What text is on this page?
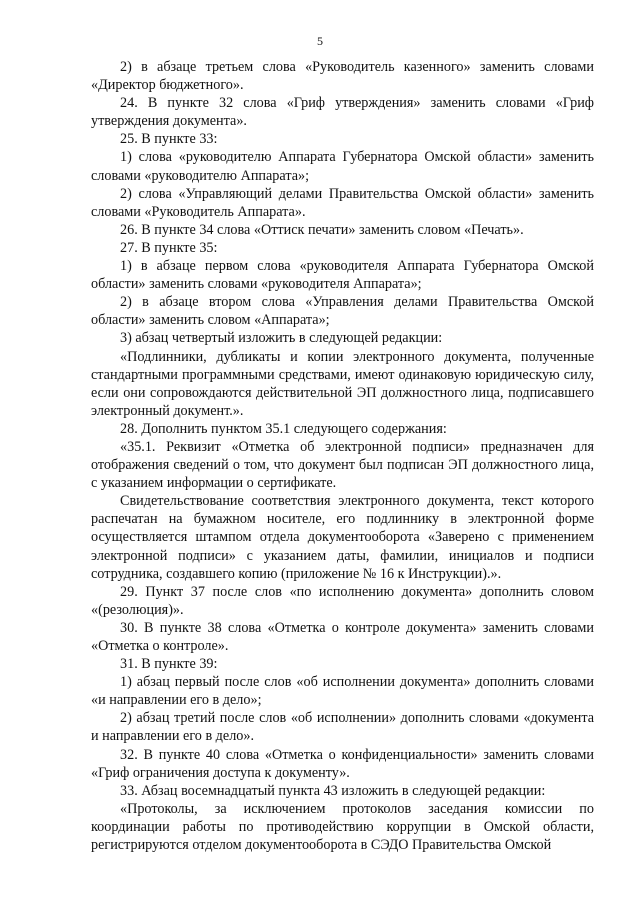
5

2) в абзаце третьем слова «Руководитель казенного» заменить словами «Директор бюджетного».

24. В пункте 32 слова «Гриф утверждения» заменить словами «Гриф утверждения документа».

25. В пункте 33:

1) слова «руководителю Аппарата Губернатора Омской области» заменить словами «руководителю Аппарата»;

2) слова «Управляющий делами Правительства Омской области» заменить словами «Руководитель Аппарата».

26. В пункте 34 слова «Оттиск печати» заменить словом «Печать».

27. В пункте 35:

1) в абзаце первом слова «руководителя Аппарата Губернатора Омской области» заменить словами «руководителя Аппарата»;

2) в абзаце втором слова «Управления делами Правительства Омской области» заменить словом «Аппарата»;

3) абзац четвертый изложить в следующей редакции:

«Подлинники, дубликаты и копии электронного документа, полученные стандартными программными средствами, имеют одинаковую юридическую силу, если они сопровождаются действительной ЭП должностного лица, подписавшего электронный документ.».

28. Дополнить пунктом 35.1 следующего содержания:

«35.1. Реквизит «Отметка об электронной подписи» предназначен для отображения сведений о том, что документ был подписан ЭП должностного лица, с указанием информации о сертификате.

Свидетельствование соответствия электронного документа, текст которого распечатан на бумажном носителе, его подлиннику в электронной форме осуществляется штампом отдела документооборота «Заверено с применением электронной подписи» с указанием даты, фамилии, инициалов и подписи сотрудника, создавшего копию (приложение № 16 к Инструкции).».

29. Пункт 37 после слов «по исполнению документа» дополнить словом «(резолюция)».

30. В пункте 38 слова «Отметка о контроле документа» заменить словами «Отметка о контроле».

31. В пункте 39:

1) абзац первый после слов «об исполнении документа» дополнить словами «и направлении его в дело»;

2) абзац третий после слов «об исполнении» дополнить словами «документа и направлении его в дело».

32. В пункте 40 слова «Отметка о конфиденциальности» заменить словами «Гриф ограничения доступа к документу».

33. Абзац восемнадцатый пункта 43 изложить в следующей редакции:

«Протоколы, за исключением протоколов заседания комиссии по координации работы по противодействию коррупции в Омской области, регистрируются отделом документооборота в СЭДО Правительства Омской
